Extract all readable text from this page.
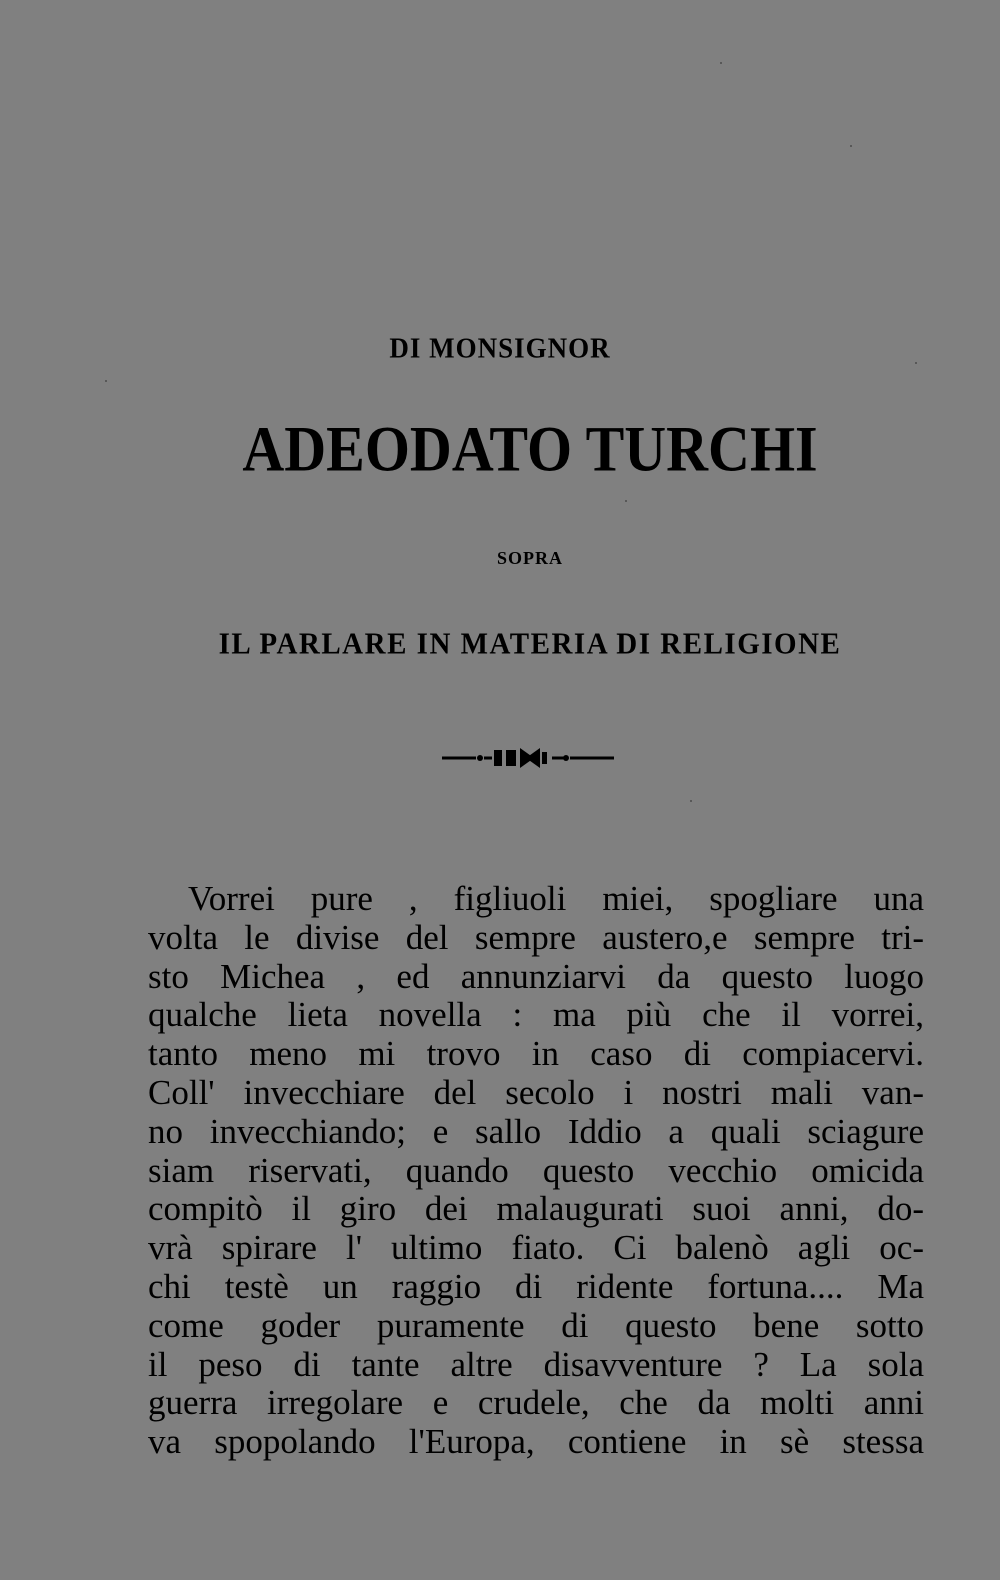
DI MONSIGNOR
ADEODATO TURCHI
SOPRA
IL PARLARE IN MATERIA DI RELIGIONE
Vorrei pure , figliuoli miei, spogliare una
volta le divise del sempre austero,e sempre tri-
sto Michea , ed annunziarvi da questo luogo
qualche lieta novella : ma più che il vorrei,
tanto meno mi trovo in caso di compiacervi.
Coll' invecchiare del secolo i nostri mali van-
no invecchiando; e sallo Iddio a quali sciagure
siam riservati, quando questo vecchio omicida
compitò il giro dei malaugurati suoi anni, do-
vrà spirare l' ultimo fiato. Ci balenò agli oc-
chi testè un raggio di ridente fortuna.... Ma
come goder puramente di questo bene sotto
il peso di tante altre disavventure ? La sola
guerra irregolare e crudele, che da molti anni
va spopolando l'Europa, contiene in sè stessa
